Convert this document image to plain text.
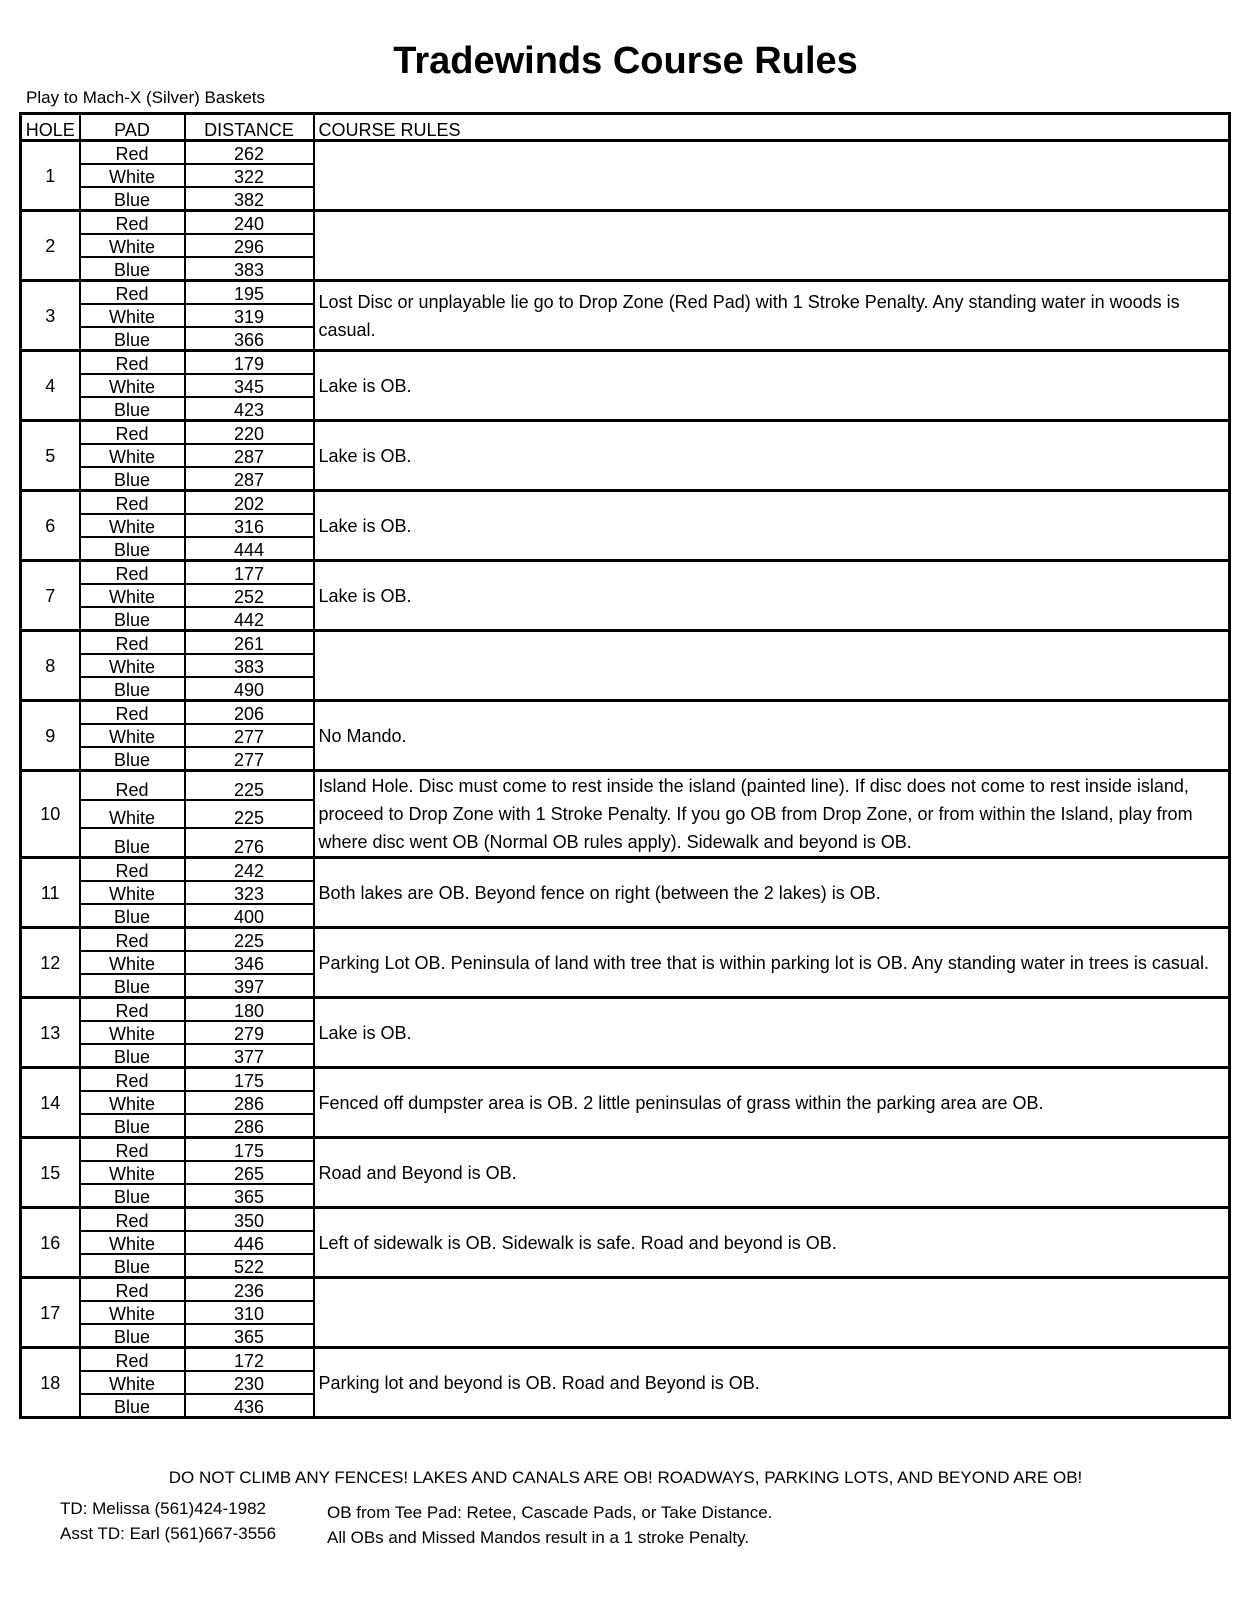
Tradewinds Course Rules
Play to Mach-X (Silver) Baskets
HOLE	PAD	DISTANCE	COURSE RULES
1	Red	262	
	White	322	
	Blue	382	
2	Red	240	
	White	296	
	Blue	383	
3	Red	195	Lost Disc or unplayable lie go to Drop Zone (Red Pad) with 1 Stroke Penalty. Any standing water in woods is casual.
	White	319	
	Blue	366	
4	Red	179	Lake is OB.
	White	345	
	Blue	423	
5	Red	220	Lake is OB.
	White	287	
	Blue	287	
6	Red	202	Lake is OB.
	White	316	
	Blue	444	
7	Red	177	Lake is OB.
	White	252	
	Blue	442	
8	Red	261	
	White	383	
	Blue	490	
9	Red	206	No Mando.
	White	277	
	Blue	277	
10	Red	225	Island Hole. Disc must come to rest inside the island (painted line). If disc does not come to rest inside island, proceed to Drop Zone with 1 Stroke Penalty. If you go OB from Drop Zone, or from within the Island, play from where disc went OB (Normal OB rules apply). Sidewalk and beyond is OB.
	White	225	
	Blue	276	
11	Red	242	Both lakes are OB. Beyond fence on right (between the 2 lakes) is OB.
	White	323	
	Blue	400	
12	Red	225	Parking Lot OB. Peninsula of land with tree that is within parking lot is OB. Any standing water in trees is casual.
	White	346	
	Blue	397	
13	Red	180	Lake is OB.
	White	279	
	Blue	377	
14	Red	175	Fenced off dumpster area is OB. 2 little peninsulas of grass within the parking area are OB.
	White	286	
	Blue	286	
15	Red	175	Road and Beyond is OB.
	White	265	
	Blue	365	
16	Red	350	Left of sidewalk is OB. Sidewalk is safe. Road and beyond is OB.
	White	446	
	Blue	522	
17	Red	236	
	White	310	
	Blue	365	
18	Red	172	Parking lot and beyond is OB. Road and Beyond is OB.
	White	230	
	Blue	436	
DO NOT CLIMB ANY FENCES! LAKES AND CANALS ARE OB! ROADWAYS, PARKING LOTS, AND BEYOND ARE OB!
TD: Melissa (561)424-1982
Asst TD: Earl (561)667-3556
OB from Tee Pad: Retee, Cascade Pads, or Take Distance.
All OBs and Missed Mandos result in a 1 stroke Penalty.
